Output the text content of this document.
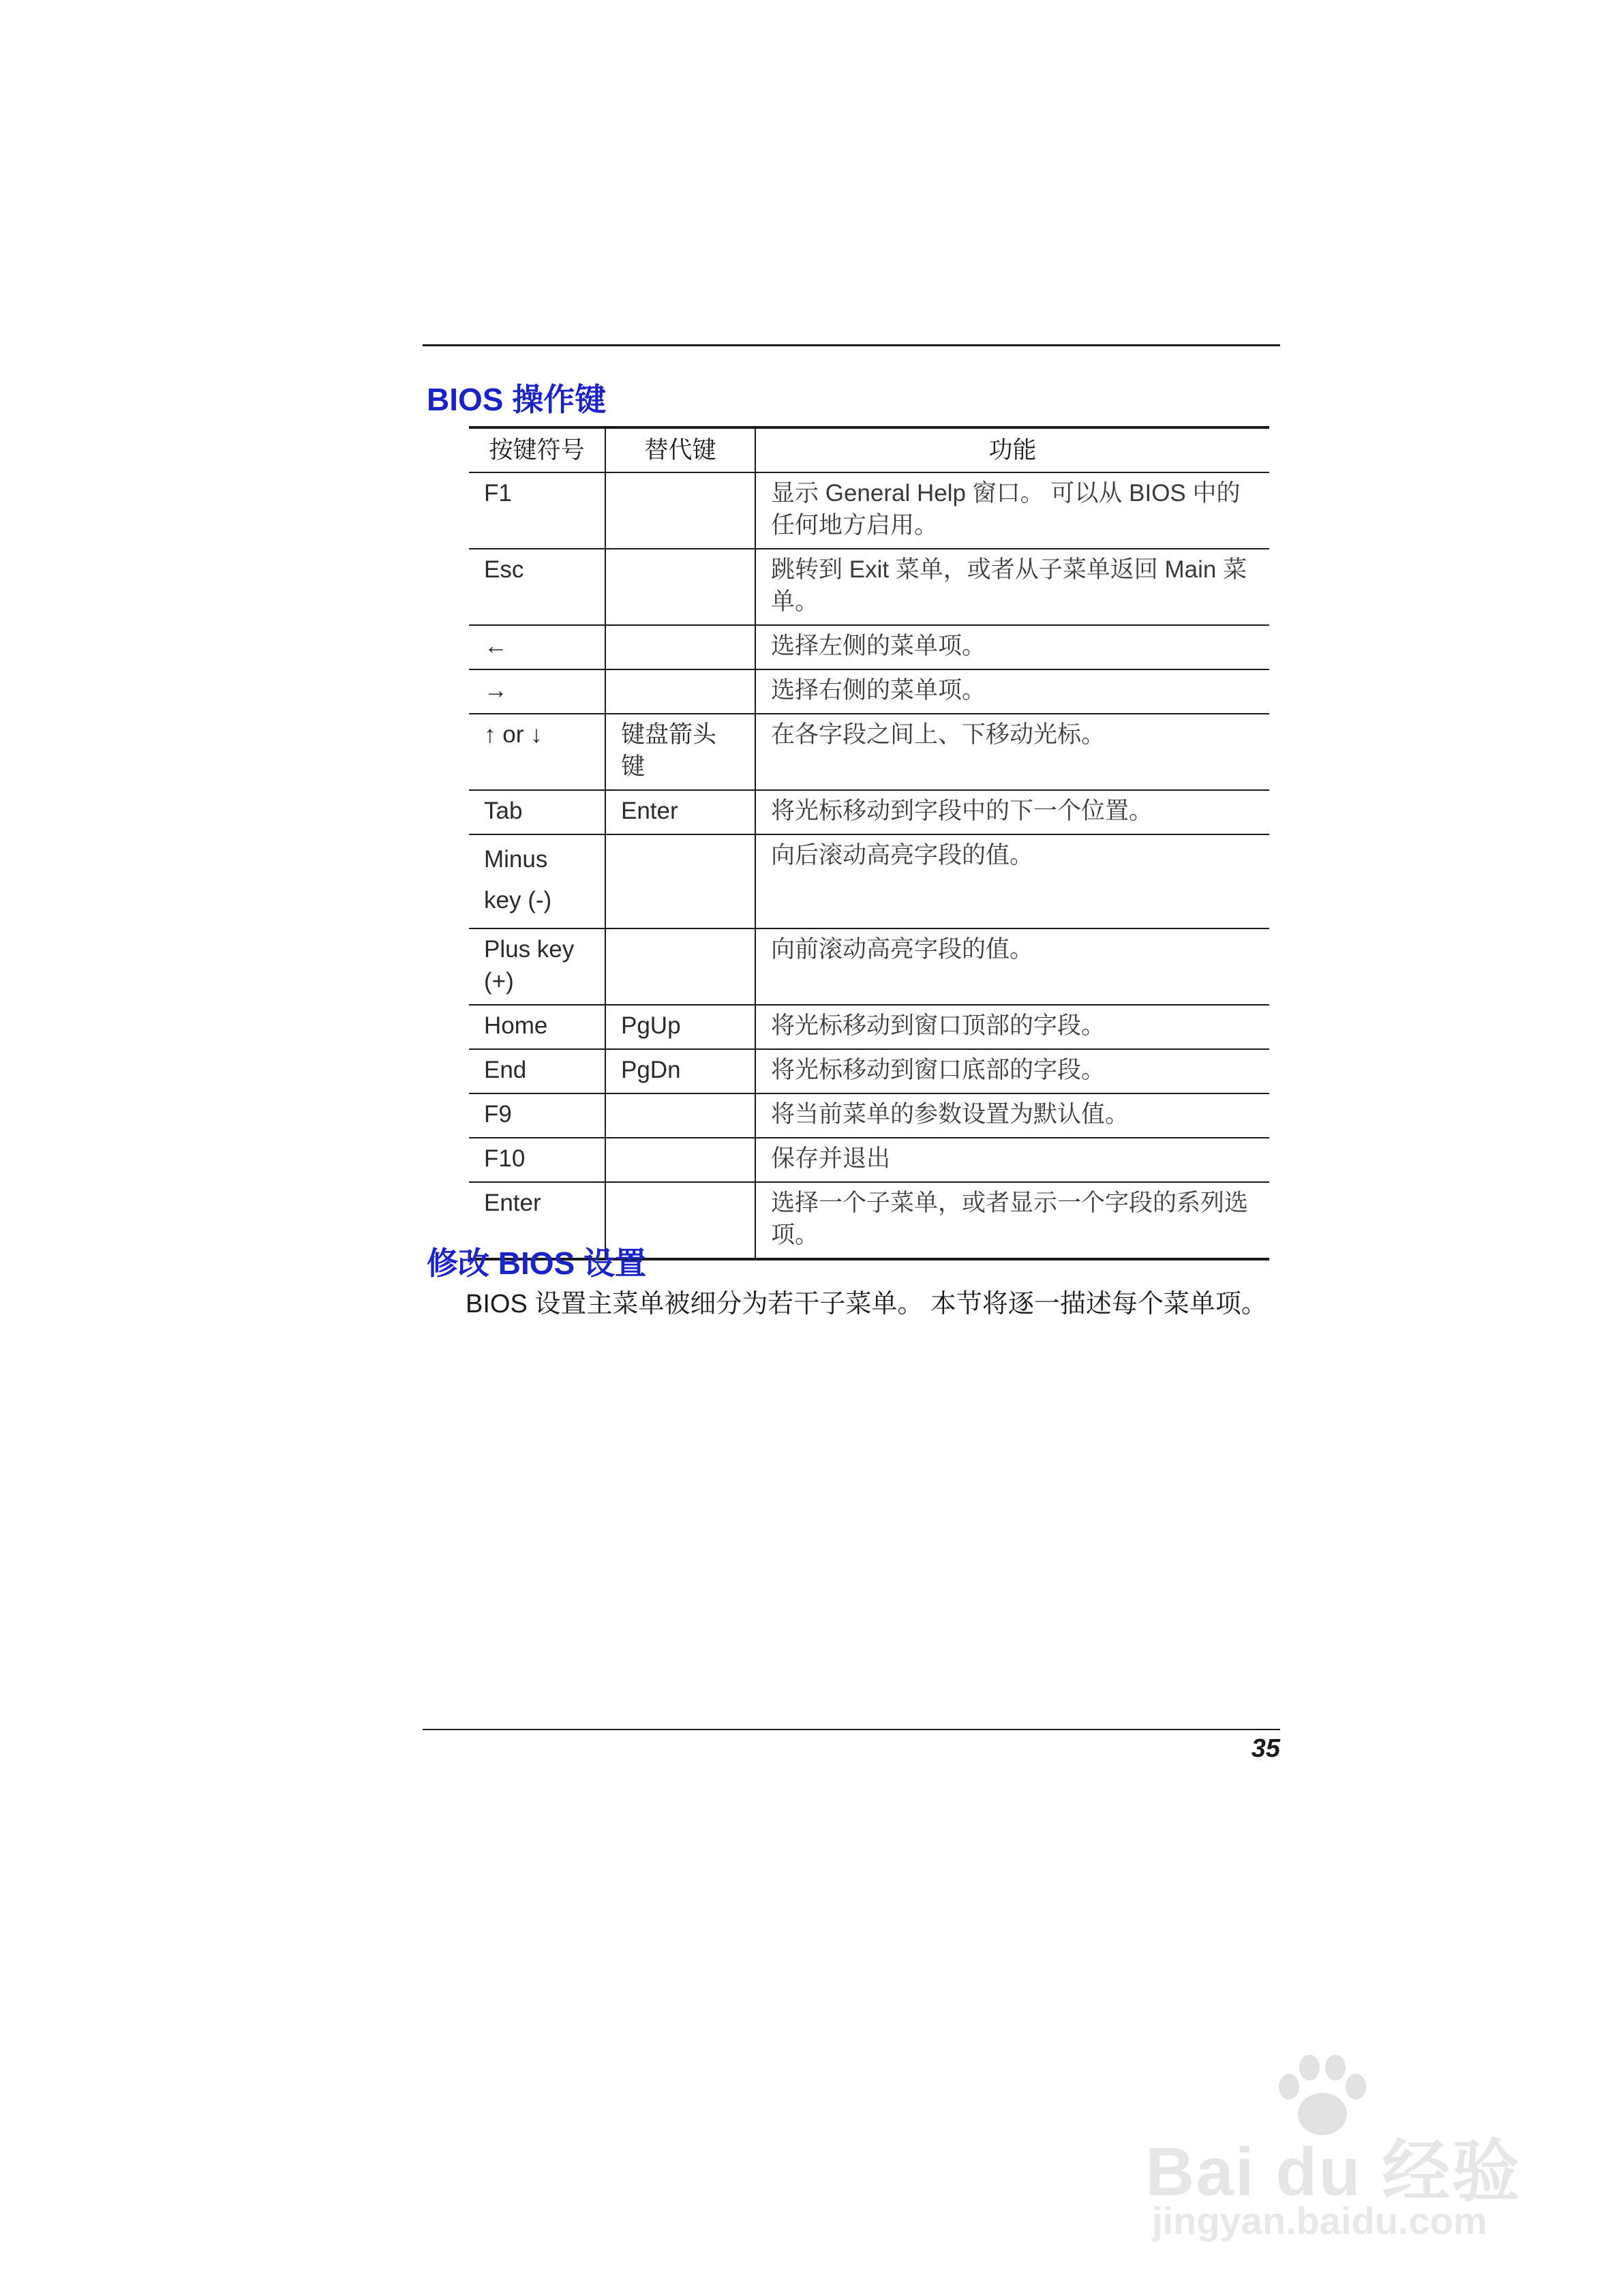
BIOS 操作键
按键符号	替代键	功能
F1		显示 General Help 窗口。 可以从 BIOS 中的任何地方启用。
Esc		跳转到 Exit 菜单，或者从子菜单返回 Main 菜单。
←		选择左侧的菜单项。
→		选择右侧的菜单项。
↑ or ↓	键盘箭头键	在各字段之间上、下移动光标。
Tab	Enter	将光标移动到字段中的下一个位置。
Minus key (-)		向后滚动高亮字段的值。
Plus key (+)		向前滚动高亮字段的值。
Home	PgUp	将光标移动到窗口顶部的字段。
End	PgDn	将光标移动到窗口底部的字段。
F9		将当前菜单的参数设置为默认值。
F10		保存并退出
Enter		选择一个子菜单，或者显示一个字段的系列选项。
修改 BIOS 设置

BIOS 设置主菜单被细分为若干子菜单。 本节将逐一描述每个菜单项。

35
Bai du 经验
jingyan.baidu.com
